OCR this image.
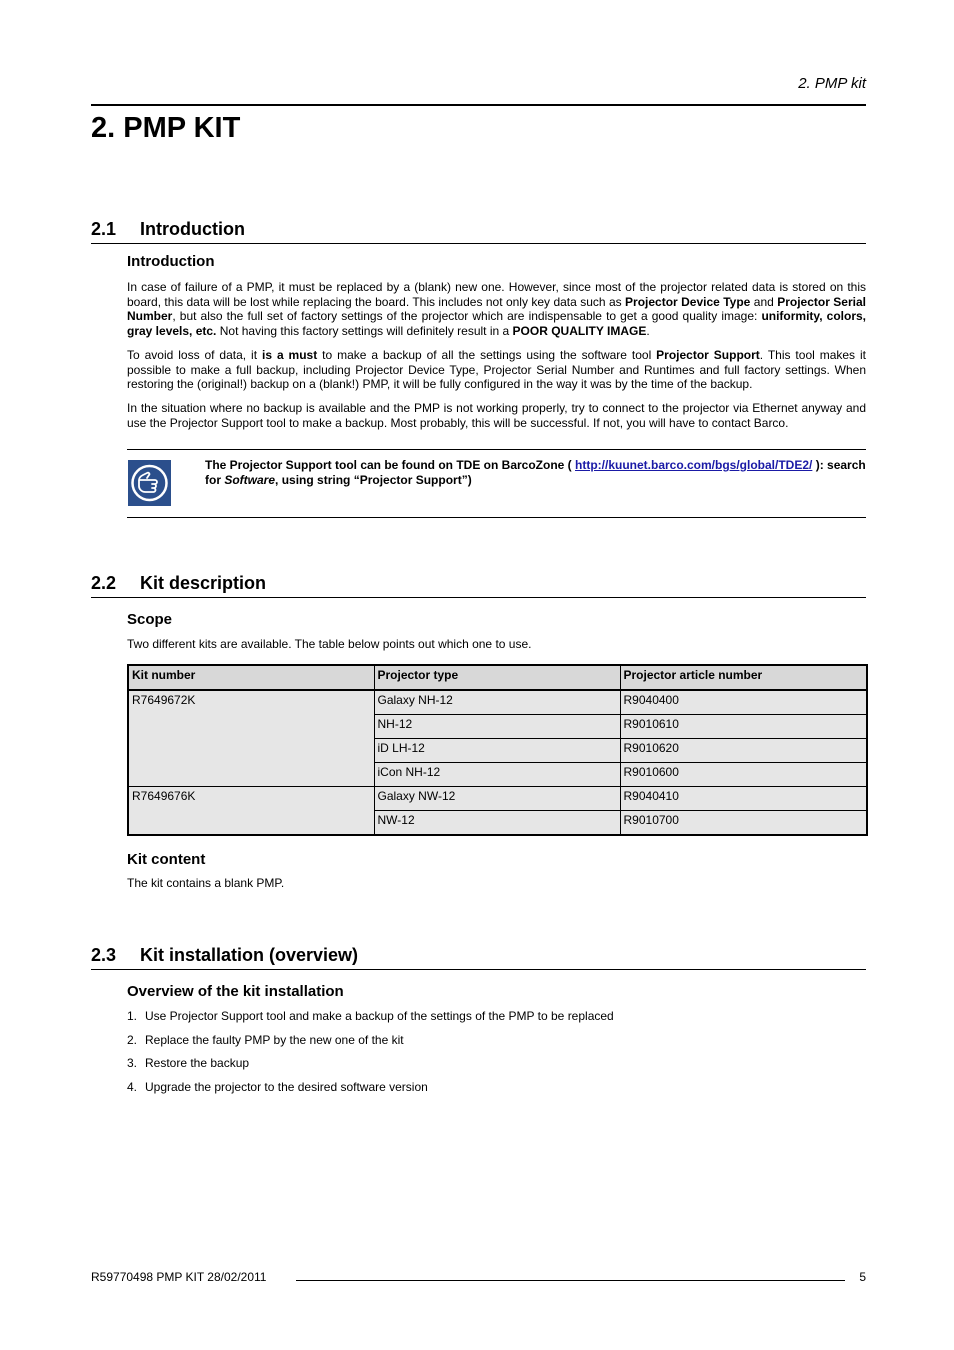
2. PMP kit
2. PMP KIT
2.1 Introduction
Introduction
In case of failure of a PMP, it must be replaced by a (blank) new one. However, since most of the projector related data is stored on this board, this data will be lost while replacing the board. This includes not only key data such as Projector Device Type and Projector Serial Number, but also the full set of factory settings of the projector which are indispensable to get a good quality image: uniformity, colors, gray levels, etc. Not having this factory settings will definitely result in a POOR QUALITY IMAGE.
To avoid loss of data, it is a must to make a backup of all the settings using the software tool Projector Support. This tool makes it possible to make a full backup, including Projector Device Type, Projector Serial Number and Runtimes and full factory settings. When restoring the (original!) backup on a (blank!) PMP, it will be fully configured in the way it was by the time of the backup.
In the situation where no backup is available and the PMP is not working properly, try to connect to the projector via Ethernet anyway and use the Projector Support tool to make a backup. Most probably, this will be successful. If not, you will have to contact Barco.
The Projector Support tool can be found on TDE on BarcoZone ( http://kuunet.barco.com/bgs/global/TDE2/ ): search for Software, using string “Projector Support”)
2.2 Kit description
Scope
Two different kits are available. The table below points out which one to use.
Kit number	Projector type	Projector article number
R7649672K	Galaxy NH-12	R9040400
	NH-12	R9010610
	iD LH-12	R9010620
	iCon NH-12	R9010600
R7649676K	Galaxy NW-12	R9040410
	NW-12	R9010700
Kit content
The kit contains a blank PMP.
2.3 Kit installation (overview)
Overview of the kit installation
1. Use Projector Support tool and make a backup of the settings of the PMP to be replaced
2. Replace the faulty PMP by the new one of the kit
3. Restore the backup
4. Upgrade the projector to the desired software version
R59770498 PMP KIT 28/02/2011	5
